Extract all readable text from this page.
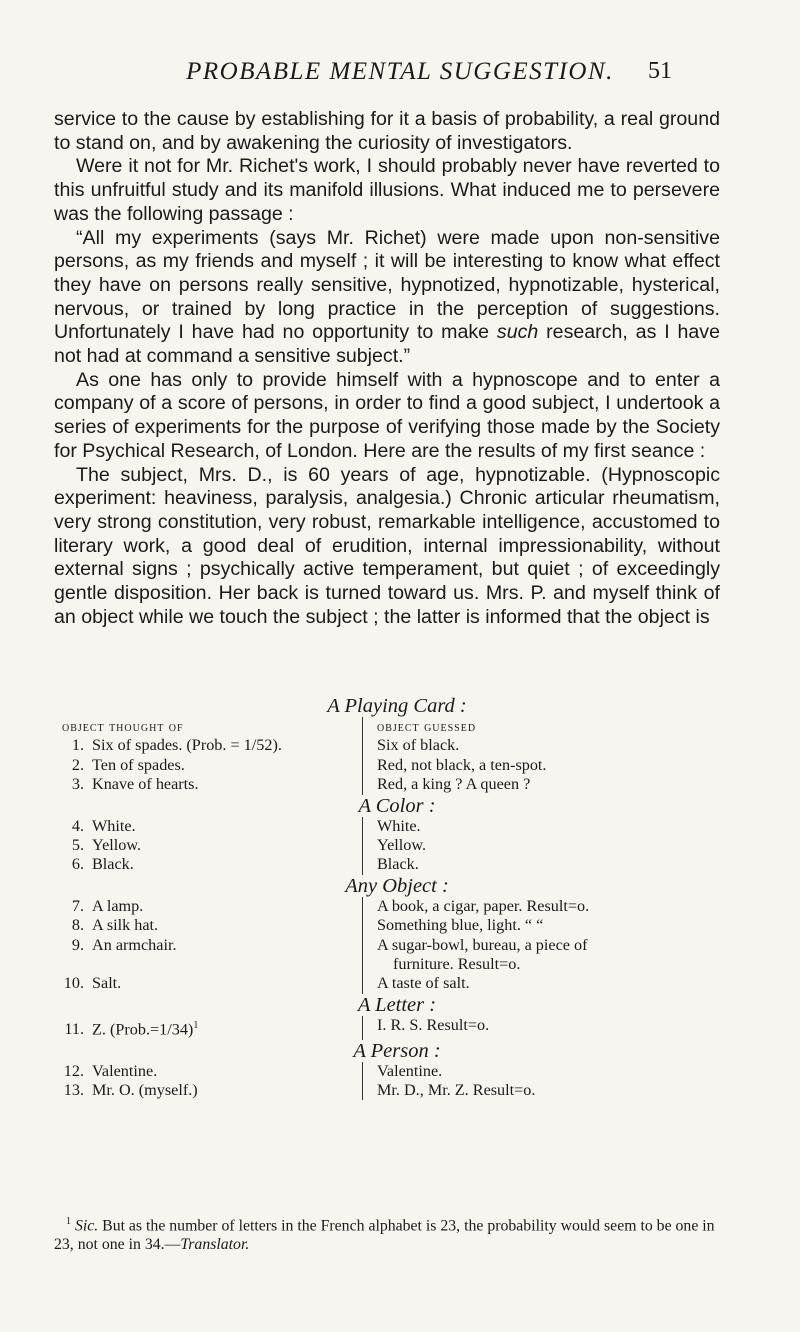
PROBABLE MENTAL SUGGESTION.	51

service to the cause by establishing for it a basis of probability, a real ground to stand on, and by awakening the curiosity of investigators.

Were it not for Mr. Richet's work, I should probably never have reverted to this unfruitful study and its manifold illusions. What induced me to persevere was the following passage :

“All my experiments (says Mr. Richet) were made upon non-sensitive persons, as my friends and myself ; it will be interesting to know what effect they have on persons really sensitive, hypnotized, hypnotizable, hysterical, nervous, or trained by long practice in the perception of suggestions. Unfortunately I have had no opportunity to make such research, as I have not had at command a sensitive subject.”

As one has only to provide himself with a hypnoscope and to enter a company of a score of persons, in order to find a good subject, I undertook a series of experiments for the purpose of verifying those made by the Society for Psychical Research, of London. Here are the results of my first seance :

The subject, Mrs. D., is 60 years of age, hypnotizable. (Hypnoscopic experiment: heaviness, paralysis, analgesia.) Chronic articular rheumatism, very strong constitution, very robust, remarkable intelligence, accustomed to literary work, a good deal of erudition, internal impressionability, without external signs ; psychically active temperament, but quiet ; of exceedingly gentle disposition. Her back is turned toward us. Mrs. P. and myself think of an object while we touch the subject ; the latter is informed that the object is

A Playing Card :
object thought of
1. Six of spades. (Prob. = 1/52).
2. Ten of spades.
3. Knave of hearts.
object guessed
Six of black.
Red, not black, a ten-spot.
Red, a king ? A queen ?
A Color :
4. White.
5. Yellow.
6. Black.
White.
Yellow.
Black.
Any Object :
7. A lamp.
8. A silk hat.
9. An armchair.

10. Salt.
A book, a cigar, paper. Result=o.
Something blue, light. “ “
A sugar-bowl, bureau, a piece of
furniture. Result=o.
A taste of salt.
A Letter :
11. Z. (Prob.=1/34)$^1$	I. R. S. Result=o.
A Person :
12. Valentine.
13. Mr. O. (myself.)
Valentine.
Mr. D., Mr. Z. Result=o.
$^1$ Sic. But as the number of letters in the French alphabet is 23, the probability would seem to be one in 23, not one in 34.—Translator.
